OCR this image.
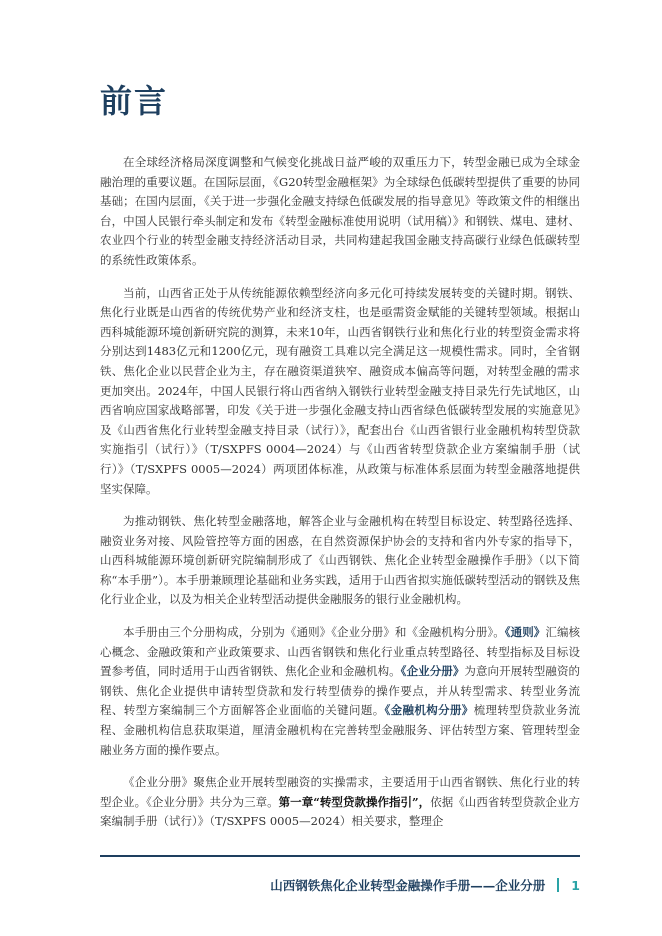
前言

在全球经济格局深度调整和气候变化挑战日益严峻的双重压力下，转型金融已成为全球金融治理的重要议题。在国际层面，《G20转型金融框架》为全球绿色低碳转型提供了重要的协同基础；在国内层面，《关于进一步强化金融支持绿色低碳发展的指导意见》等政策文件的相继出台，中国人民银行牵头制定和发布《转型金融标准使用说明（试用稿）》和钢铁、煤电、建材、农业四个行业的转型金融支持经济活动目录，共同构建起我国金融支持高碳行业绿色低碳转型的系统性政策体系。

当前，山西省正处于从传统能源依赖型经济向多元化可持续发展转变的关键时期。钢铁、焦化行业既是山西省的传统优势产业和经济支柱，也是亟需资金赋能的关键转型领域。根据山西科城能源环境创新研究院的测算，未来10年，山西省钢铁行业和焦化行业的转型资金需求将分别达到1483亿元和1200亿元，现有融资工具难以完全满足这一规模性需求。同时，全省钢铁、焦化企业以民营企业为主，存在融资渠道狭窄、融资成本偏高等问题，对转型金融的需求更加突出。2024年，中国人民银行将山西省纳入钢铁行业转型金融支持目录先行先试地区，山西省响应国家战略部署，印发《关于进一步强化金融支持山西省绿色低碳转型发展的实施意见》及《山西省焦化行业转型金融支持目录（试行）》，配套出台《山西省银行业金融机构转型贷款实施指引（试行）》（T/SXPFS 0004—2024）与《山西省转型贷款企业方案编制手册（试行）》（T/SXPFS 0005—2024）两项团体标准，从政策与标准体系层面为转型金融落地提供坚实保障。

为推动钢铁、焦化转型金融落地，解答企业与金融机构在转型目标设定、转型路径选择、融资业务对接、风险管控等方面的困惑，在自然资源保护协会的支持和省内外专家的指导下，山西科城能源环境创新研究院编制形成了《山西钢铁、焦化企业转型金融操作手册》（以下简称“本手册”）。本手册兼顾理论基础和业务实践，适用于山西省拟实施低碳转型活动的钢铁及焦化行业企业，以及为相关企业转型活动提供金融服务的银行业金融机构。

本手册由三个分册构成，分别为《通则》《企业分册》和《金融机构分册》。《通则》汇编核心概念、金融政策和产业政策要求、山西省钢铁和焦化行业重点转型路径、转型指标及目标设置参考值，同时适用于山西省钢铁、焦化企业和金融机构。《企业分册》为意向开展转型融资的钢铁、焦化企业提供申请转型贷款和发行转型债券的操作要点，并从转型需求、转型业务流程、转型方案编制三个方面解答企业面临的关键问题。《金融机构分册》梳理转型贷款业务流程、金融机构信息获取渠道，厘清金融机构在完善转型金融服务、评估转型方案、管理转型金融业务方面的操作要点。

《企业分册》聚焦企业开展转型融资的实操需求，主要适用于山西省钢铁、焦化行业的转型企业。《企业分册》共分为三章。第一章“转型贷款操作指引”，依据《山西省转型贷款企业方案编制手册（试行）》（T/SXPFS 0005—2024）相关要求，整理企

山西钢铁焦化企业转型金融操作手册——企业分册 1
